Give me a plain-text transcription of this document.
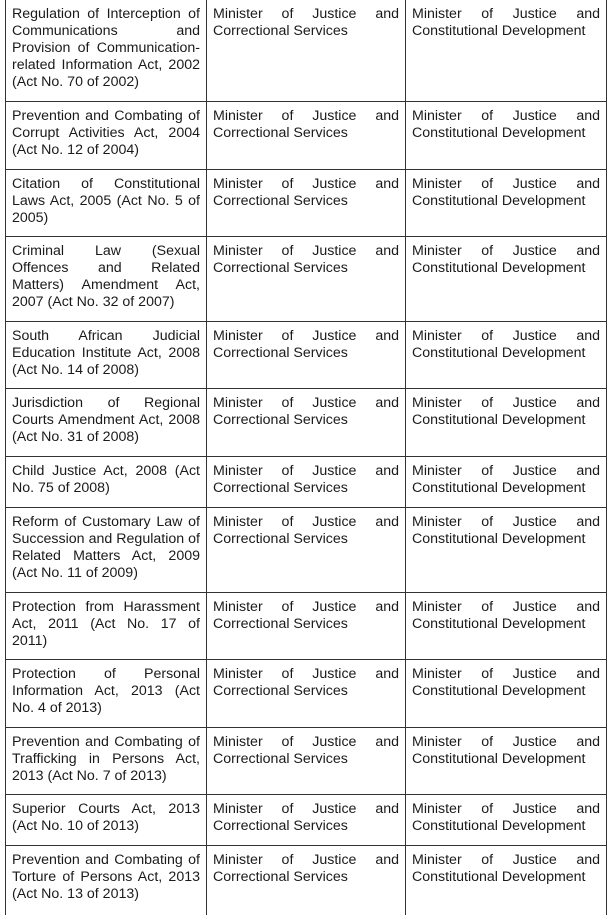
Regulation of Interception of Communications and Provision of Communication-related Information Act, 2002 (Act No. 70 of 2002)	Minister of Justice and Correctional Services	Minister of Justice and Constitutional Development
Prevention and Combating of Corrupt Activities Act, 2004 (Act No. 12 of 2004)	Minister of Justice and Correctional Services	Minister of Justice and Constitutional Development
Citation of Constitutional Laws Act, 2005 (Act No. 5 of 2005)	Minister of Justice and Correctional Services	Minister of Justice and Constitutional Development
Criminal Law (Sexual Offences and Related Matters) Amendment Act, 2007 (Act No. 32 of 2007)	Minister of Justice and Correctional Services	Minister of Justice and Constitutional Development
South African Judicial Education Institute Act, 2008 (Act No. 14 of 2008)	Minister of Justice and Correctional Services	Minister of Justice and Constitutional Development
Jurisdiction of Regional Courts Amendment Act, 2008 (Act No. 31 of 2008)	Minister of Justice and Correctional Services	Minister of Justice and Constitutional Development
Child Justice Act, 2008 (Act No. 75 of 2008)	Minister of Justice and Correctional Services	Minister of Justice and Constitutional Development
Reform of Customary Law of Succession and Regulation of Related Matters Act, 2009 (Act No. 11 of 2009)	Minister of Justice and Correctional Services	Minister of Justice and Constitutional Development
Protection from Harassment Act, 2011 (Act No. 17 of 2011)	Minister of Justice and Correctional Services	Minister of Justice and Constitutional Development
Protection of Personal Information Act, 2013 (Act No. 4 of 2013)	Minister of Justice and Correctional Services	Minister of Justice and Constitutional Development
Prevention and Combating of Trafficking in Persons Act, 2013 (Act No. 7 of 2013)	Minister of Justice and Correctional Services	Minister of Justice and Constitutional Development
Superior Courts Act, 2013 (Act No. 10 of 2013)	Minister of Justice and Correctional Services	Minister of Justice and Constitutional Development
Prevention and Combating of Torture of Persons Act, 2013 (Act No. 13 of 2013)	Minister of Justice and Correctional Services	Minister of Justice and Constitutional Development
